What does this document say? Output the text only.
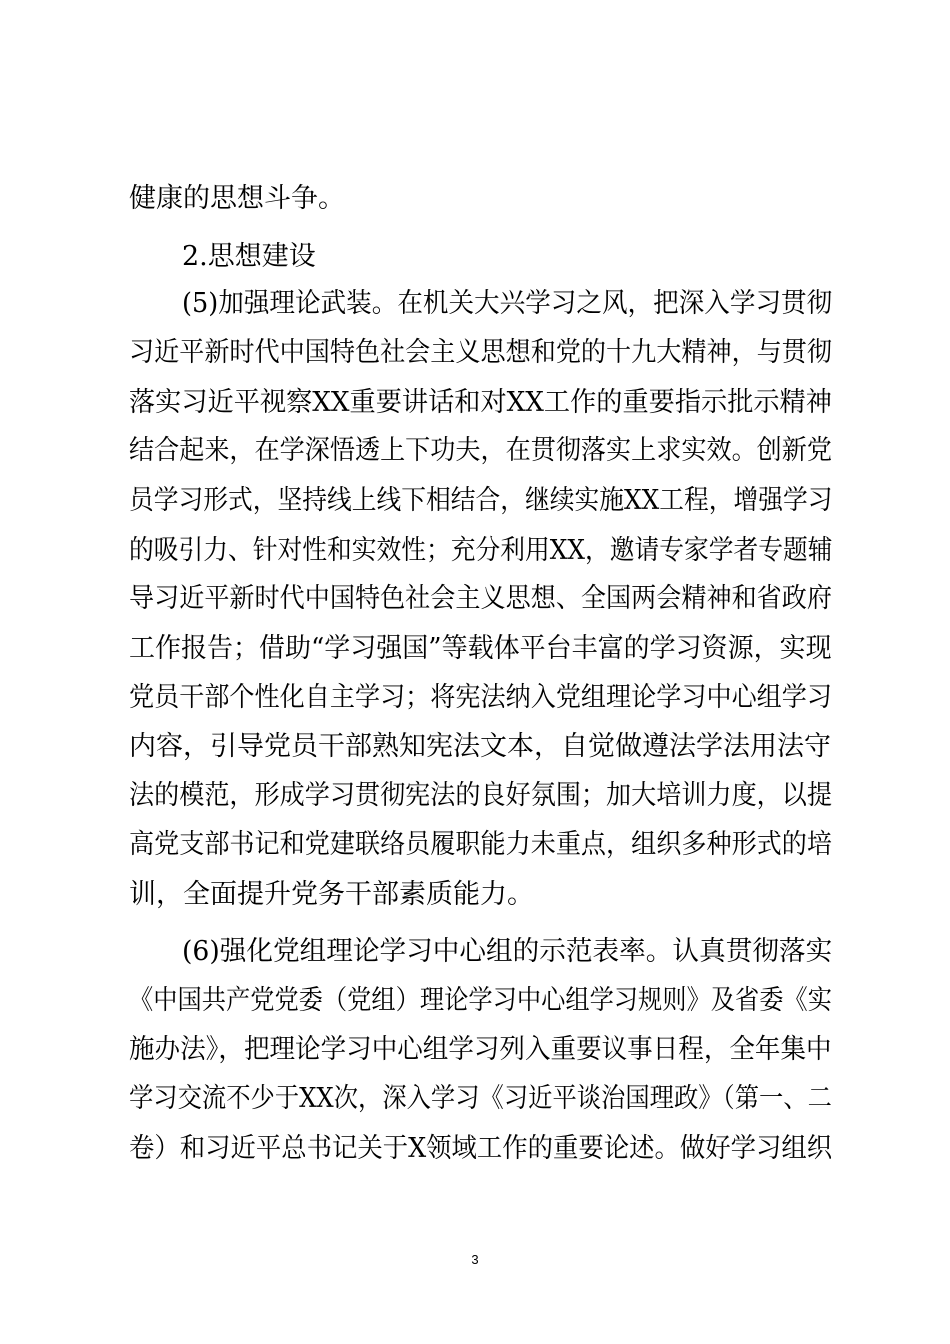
健康的思想斗争。
2.思想建设
(5)加强理论武装。在机关大兴学习之风，把深入学习贯彻
习近平新时代中国特色社会主义思想和党的十九大精神，与贯彻
落实习近平视察XX重要讲话和对XX工作的重要指示批示精神
结合起来，在学深悟透上下功夫，在贯彻落实上求实效。创新党
员学习形式，坚持线上线下相结合，继续实施XX工程，增强学习
的吸引力、针对性和实效性；充分利用XX，邀请专家学者专题辅
导习近平新时代中国特色社会主义思想、全国两会精神和省政府
工作报告；借助“学习强国”等载体平台丰富的学习资源，实现
党员干部个性化自主学习；将宪法纳入党组理论学习中心组学习
内容，引导党员干部熟知宪法文本，自觉做遵法学法用法守
法的模范，形成学习贯彻宪法的良好氛围；加大培训力度，以提
高党支部书记和党建联络员履职能力未重点，组织多种形式的培
训，全面提升党务干部素质能力。
(6)强化党组理论学习中心组的示范表率。认真贯彻落实
《中国共产党党委（党组）理论学习中心组学习规则》及省委《实
施办法》，把理论学习中心组学习列入重要议事日程，全年集中
学习交流不少于XX次，深入学习《习近平谈治国理政》（第一、二
卷）和习近平总书记关于X领域工作的重要论述。做好学习组织
3
